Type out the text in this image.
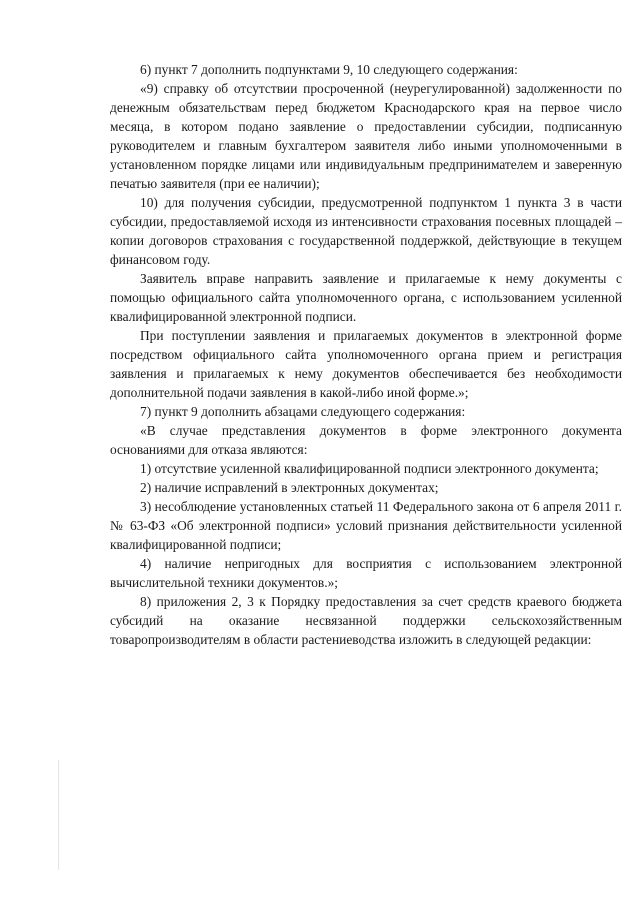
6) пункт 7 дополнить подпунктами 9, 10 следующего содержания:

«9) справку об отсутствии просроченной (неурегулированной) задолженности по денежным обязательствам перед бюджетом Краснодарского края на первое число месяца, в котором подано заявление о предоставлении субсидии, подписанную руководителем и главным бухгалтером заявителя либо иными уполномоченными в установленном порядке лицами или индивидуальным предпринимателем и заверенную печатью заявителя (при ее наличии);

10) для получения субсидии, предусмотренной подпунктом 1 пункта 3 в части субсидии, предоставляемой исходя из интенсивности страхования посевных площадей – копии договоров страхования с государственной поддержкой, действующие в текущем финансовом году.

Заявитель вправе направить заявление и прилагаемые к нему документы с помощью официального сайта уполномоченного органа, с использованием усиленной квалифицированной электронной подписи.

При поступлении заявления и прилагаемых документов в электронной форме посредством официального сайта уполномоченного органа прием и регистрация заявления и прилагаемых к нему документов обеспечивается без необходимости дополнительной подачи заявления в какой-либо иной форме.»;

7) пункт 9 дополнить абзацами следующего содержания:

«В случае представления документов в форме электронного документа основаниями для отказа являются:

1) отсутствие усиленной квалифицированной подписи электронного документа;

2) наличие исправлений в электронных документах;

3) несоблюдение установленных статьей 11 Федерального закона от 6 апреля 2011 г. № 63-ФЗ «Об электронной подписи» условий признания действительности усиленной квалифицированной подписи;

4) наличие непригодных для восприятия с использованием электронной вычислительной техники документов.»;

8) приложения 2, 3 к Порядку предоставления за счет средств краевого бюджета субсидий на оказание несвязанной поддержки сельскохозяйственным товаропроизводителям в области растениеводства изложить в следующей редакции:
